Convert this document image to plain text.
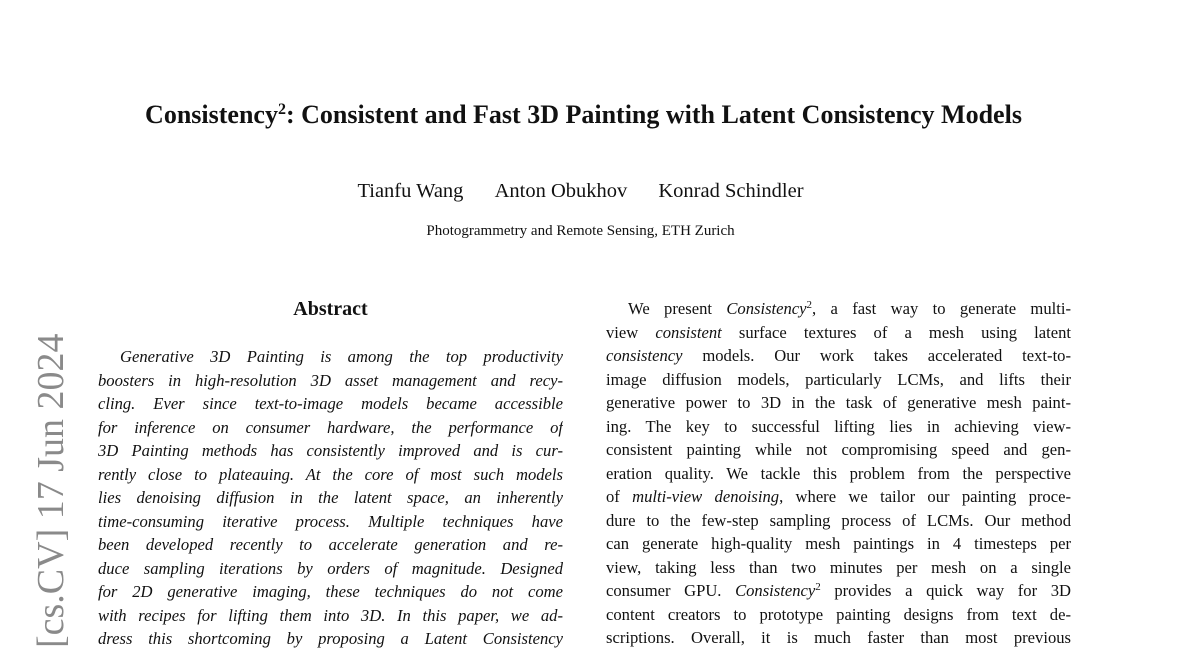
[cs.CV] 17 Jun 2024
Consistency$^2$: Consistent and Fast 3D Painting with Latent Consistency Models
Tianfu Wang Anton Obukhov Konrad Schindler
Photogrammetry and Remote Sensing, ETH Zurich
Abstract
Generative 3D Painting is among the top productivity
boosters in high-resolution 3D asset management and recy-
cling. Ever since text-to-image models became accessible
for inference on consumer hardware, the performance of
3D Painting methods has consistently improved and is cur-
rently close to plateauing. At the core of most such models
lies denoising diffusion in the latent space, an inherently
time-consuming iterative process. Multiple techniques have
been developed recently to accelerate generation and re-
duce sampling iterations by orders of magnitude. Designed
for 2D generative imaging, these techniques do not come
with recipes for lifting them into 3D. In this paper, we ad-
dress this shortcoming by proposing a Latent Consistency
We present Consistency$^2$, a fast way to generate multi-
view consistent surface textures of a mesh using latent
consistency models. Our work takes accelerated text-to-
image diffusion models, particularly LCMs, and lifts their
generative power to 3D in the task of generative mesh paint-
ing. The key to successful lifting lies in achieving view-
consistent painting while not compromising speed and gen-
eration quality. We tackle this problem from the perspective
of multi-view denoising, where we tailor our painting proce-
dure to the few-step sampling process of LCMs. Our method
can generate high-quality mesh paintings in 4 timesteps per
view, taking less than two minutes per mesh on a single
consumer GPU. Consistency$^2$ provides a quick way for 3D
content creators to prototype painting designs from text de-
scriptions. Overall, it is much faster than most previous
